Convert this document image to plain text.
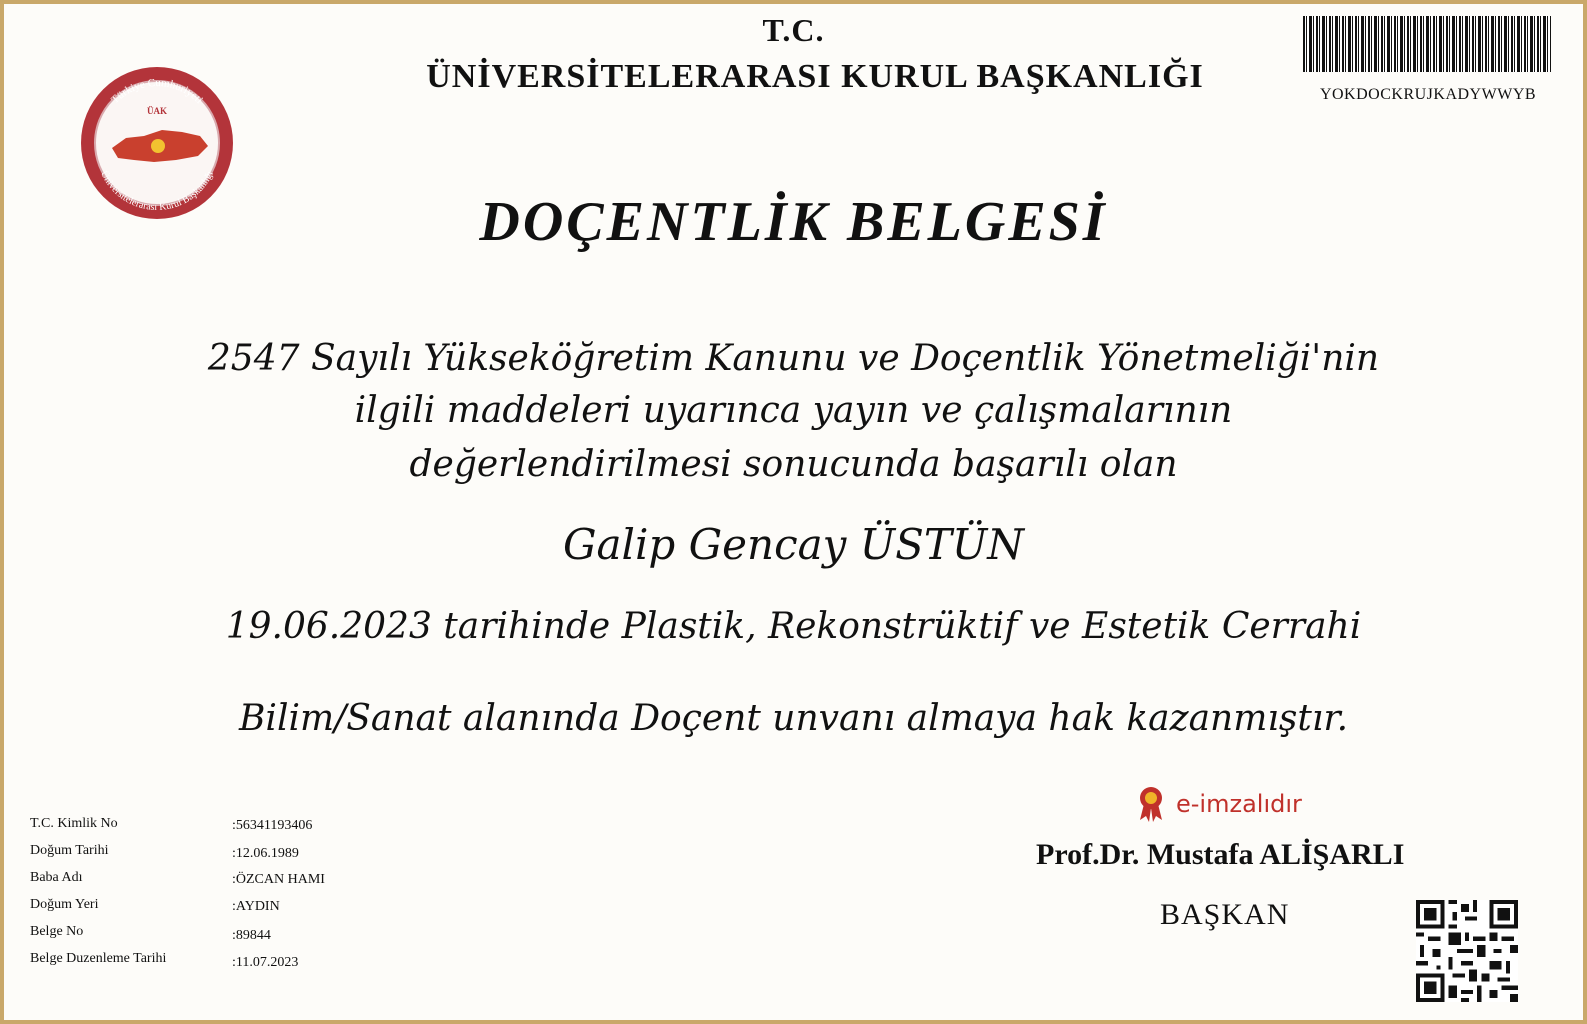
Türkiye Cumhuriyeti
Üniversitelerarası Kurul Başkanlığı
ÜAK
T.C.
ÜNİVERSİTELERARASI KURUL BAŞKANLIĞI	YOKDOCKRUJKADYWWYB
DOÇENTLİK BELGESİ
2547 Sayılı Yükseköğretim Kanunu ve Doçentlik Yönetmeliği'nin
ilgili maddeleri uyarınca yayın ve çalışmalarının
değerlendirilmesi sonucunda başarılı olan
Galip Gencay ÜSTÜN
19.06.2023 tarihinde Plastik, Rekonstrüktif ve Estetik Cerrahi
Bilim/Sanat alanında Doçent unvanı almaya hak kazanmıştır.
T.C. Kimlik No	:56341193406
Doğum Tarihi	:12.06.1989
Baba Adı	:ÖZCAN HAMI
Doğum Yeri	:AYDIN
Belge No	:89844
Belge Duzenleme Tarihi	:11.07.2023
e-imzalıdır
Prof.Dr. Mustafa ALİŞARLI
BAŞKAN
